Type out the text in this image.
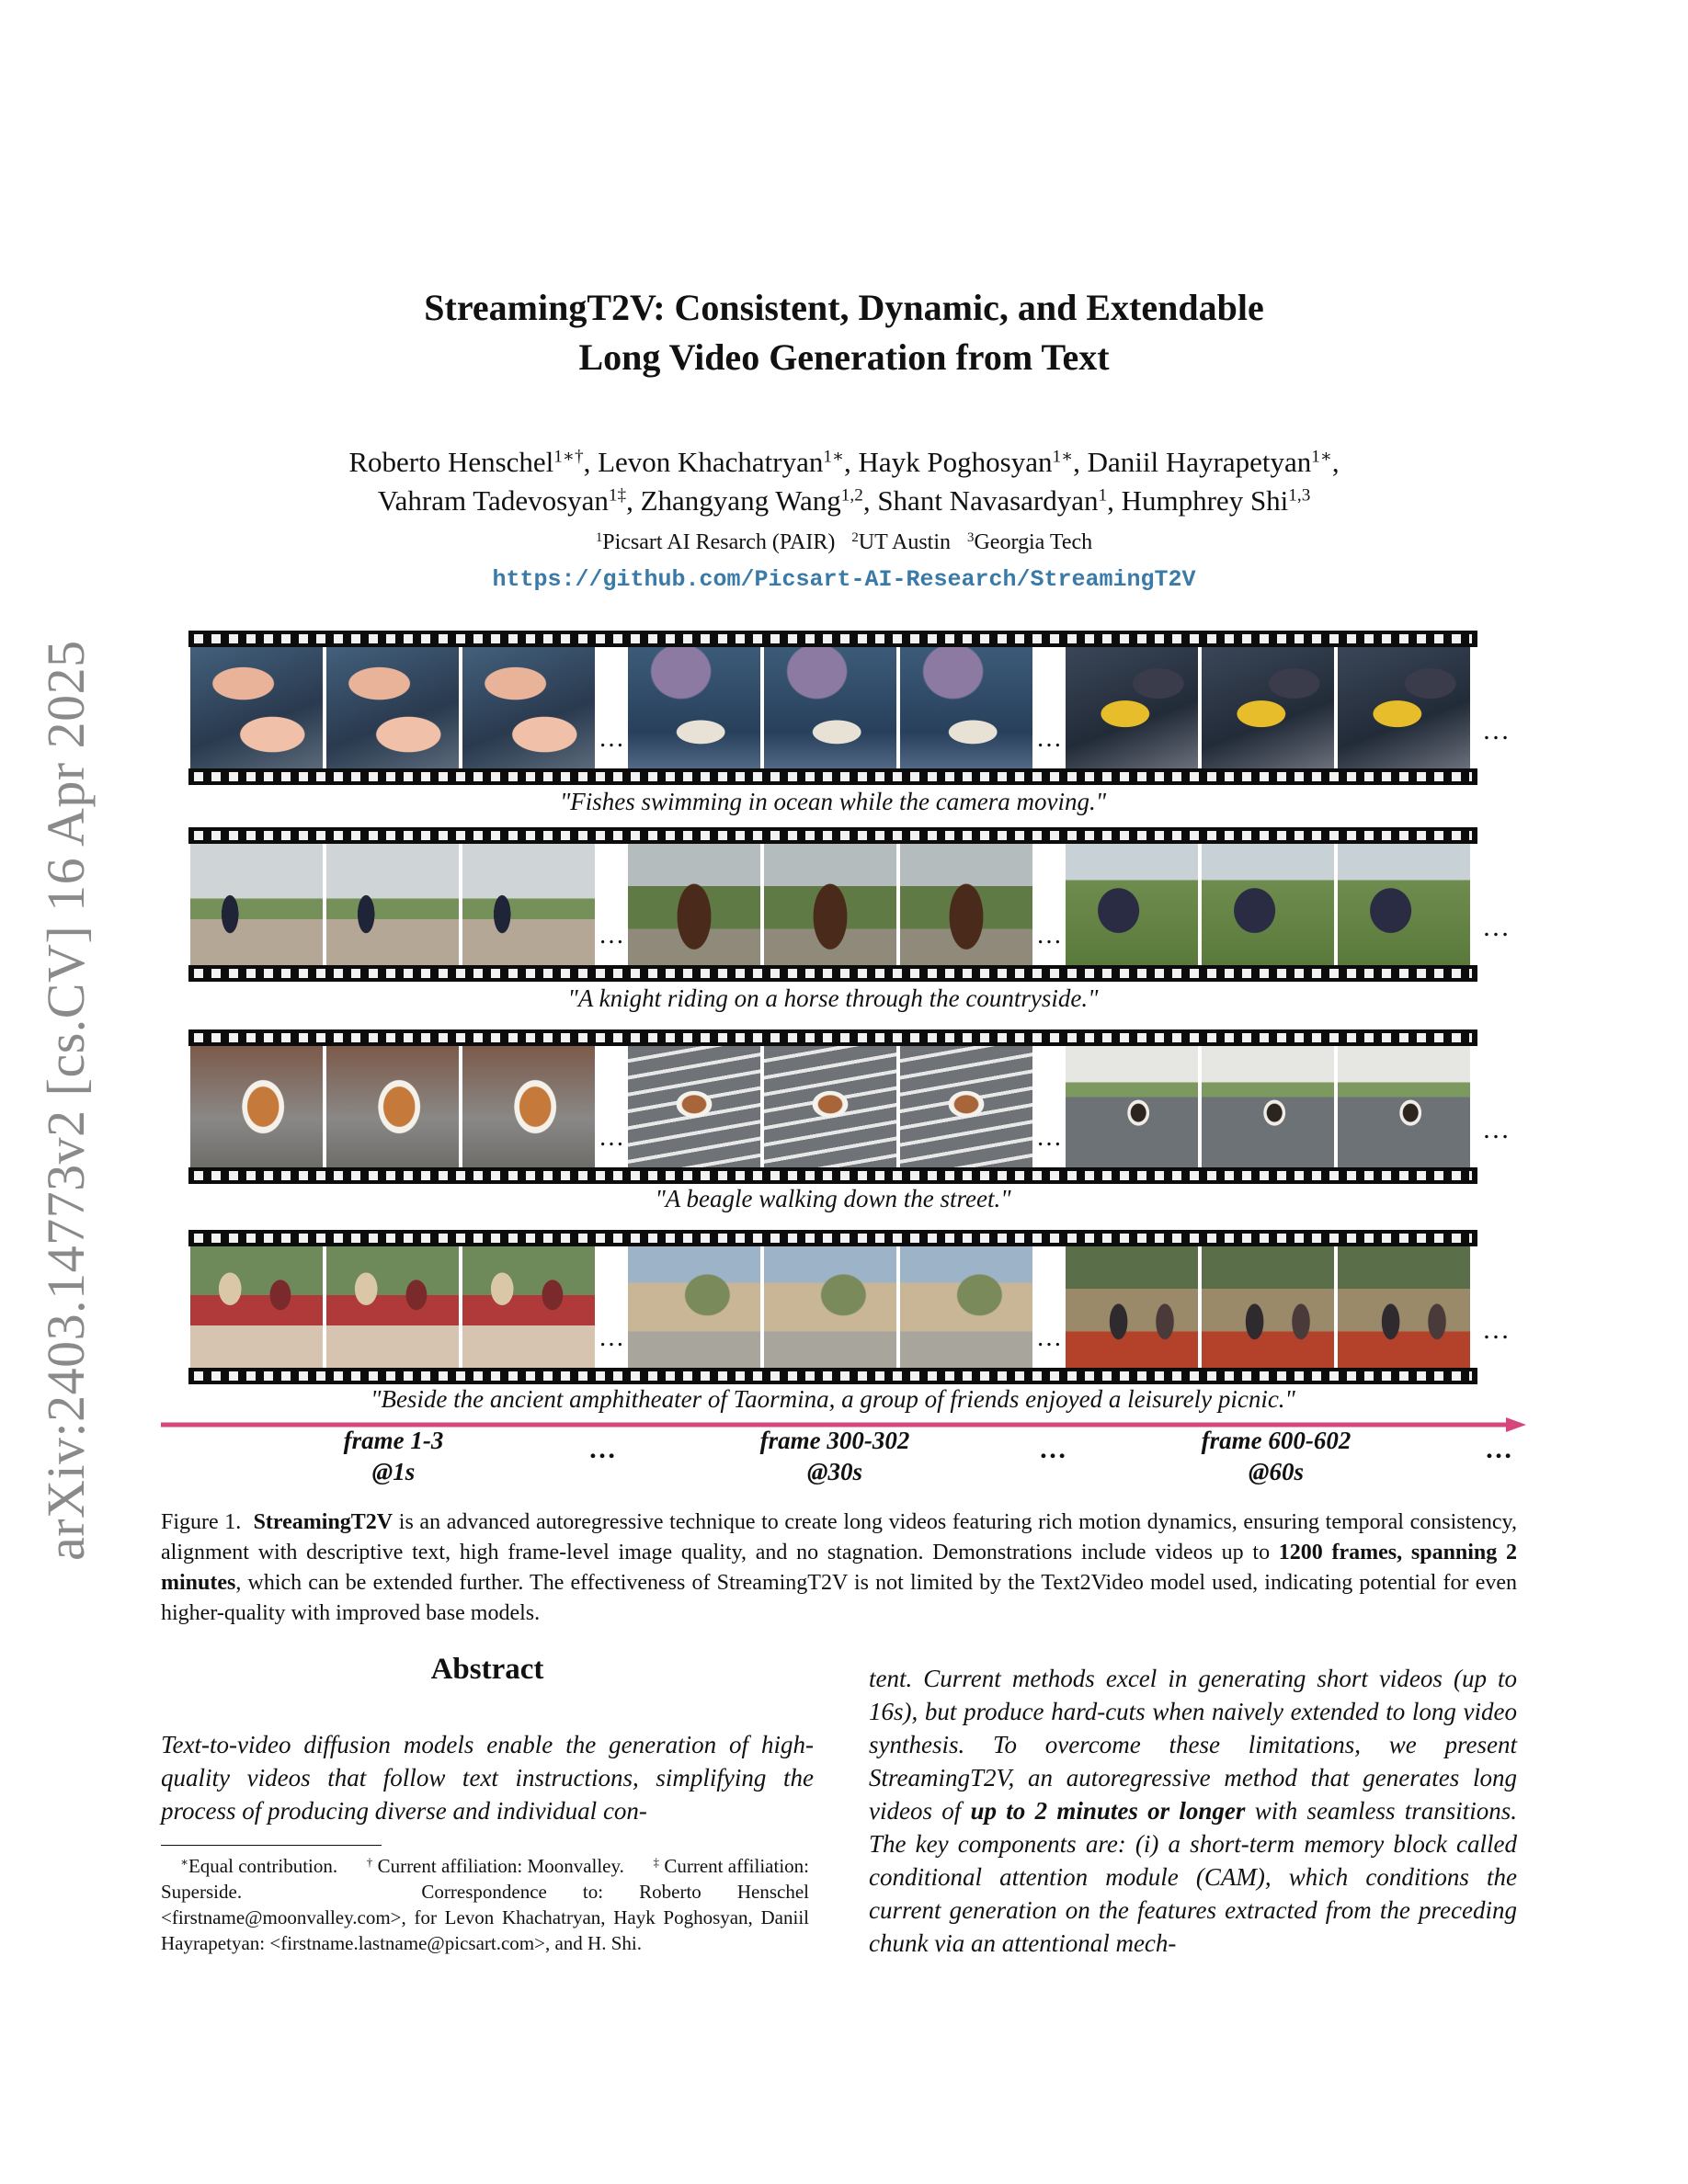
arXiv:2403.14773v2 [cs.CV] 16 Apr 2025
StreamingT2V: Consistent, Dynamic, and Extendable
Long Video Generation from Text
Roberto Henschel$^{1∗\dagger}$, Levon Khachatryan$^{1∗}$, Hayk Poghosyan$^{1∗}$, Daniil Hayrapetyan$^{1∗}$,
Vahram Tadevosyan$^{1\ddagger}$, Zhangyang Wang$^{1,2}$, Shant Navasardyan$^1$, Humphrey Shi$^{1,3}$
$^1$Picsart AI Resarch (PAIR) $^2$UT Austin $^3$Georgia Tech
https://github.com/Picsart-AI-Research/StreamingT2V
…	…	…
"Fishes swimming in ocean while the camera moving."
…	…	…
"A knight riding on a horse through the countryside."
…	…	…
"A beagle walking down the street."
…	…	…
"Beside the ancient amphitheater of Taormina, a group of friends enjoyed a leisurely picnic."
frame 1-3
@1s
…	frame 300-302
@30s
…	frame 600-602
@60s
…
Figure 1. StreamingT2V is an advanced autoregressive technique to create long videos featuring rich motion dynamics, ensuring temporal consistency, alignment with descriptive text, high frame-level image quality, and no stagnation. Demonstrations include videos up to 1200 frames, spanning 2 minutes, which can be extended further. The effectiveness of StreamingT2V is not limited by the Text2Video model used, indicating potential for even higher-quality with improved base models.
Abstract
Text-to-video diffusion models enable the generation of high-quality videos that follow text instructions, simplifying the process of producing diverse and individual con-
tent. Current methods excel in generating short videos (up to 16s), but produce hard-cuts when naively extended to long video synthesis. To overcome these limitations, we present StreamingT2V, an autoregressive method that generates long videos of up to 2 minutes or longer with seamless transitions. The key components are: (i) a short-term memory block called conditional attention module (CAM), which conditions the current generation on the features extracted from the preceding chunk via an attentional mech-
∗Equal contribution. † Current affiliation: Moonvalley. ‡ Current affiliation: Superside.	Correspondence to: Roberto Henschel <firstname@moonvalley.com>, for Levon Khachatryan, Hayk Poghosyan, Daniil Hayrapetyan: <firstname.lastname@picsart.com>, and H. Shi.
